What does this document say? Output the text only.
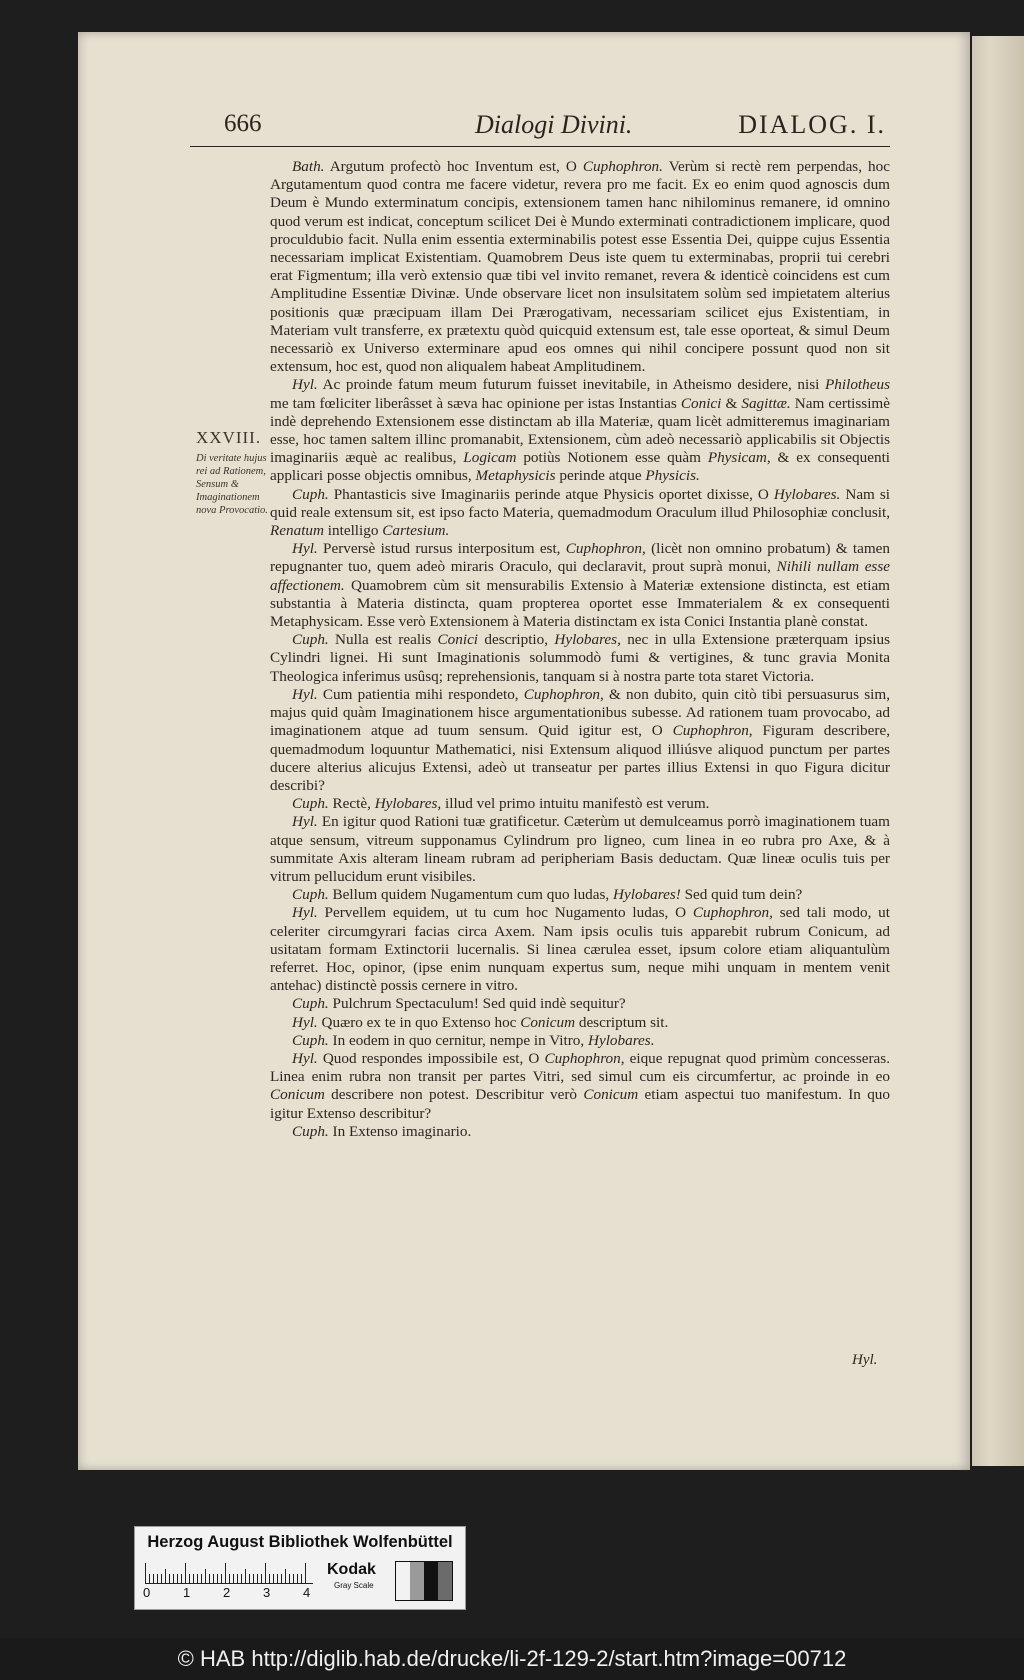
666	Dialogi Divini.	DIALOG. I.
XXVIII.
Di veritate hujus rei ad Rationem, Sensum & Imaginationem nova Provocatio.

Bath. Argutum profectò hoc Inventum est, O Cuphophron. Verùm si rectè rem perpendas, hoc Argutamentum quod contra me facere videtur, revera pro me facit. Ex eo enim quod agnoscis dum Deum è Mundo exterminatum concipis, extensionem tamen hanc nihilominus remanere, id omnino quod verum est indicat, conceptum scilicet Dei è Mundo exterminati contradictionem implicare, quod proculdubio facit. Nulla enim essentia exterminabilis potest esse Essentia Dei, quippe cujus Essentia necessariam implicat Existentiam. Quamobrem Deus iste quem tu exterminabas, proprii tui cerebri erat Figmentum; illa verò extensio quæ tibi vel invito remanet, revera & identicè coincidens est cum Amplitudine Essentiæ Divinæ. Unde observare licet non insulsitatem solùm sed impietatem alterius positionis quæ præcipuam illam Dei Prærogativam, necessariam scilicet ejus Existentiam, in Materiam vult transferre, ex prætextu quòd quicquid extensum est, tale esse oporteat, & simul Deum necessariò ex Universo exterminare apud eos omnes qui nihil concipere possunt quod non sit extensum, hoc est, quod non aliqualem habeat Amplitudinem.

Hyl. Ac proinde fatum meum futurum fuisset inevitabile, in Atheismo desidere, nisi Philotheus me tam fœliciter liberâsset à sæva hac opinione per istas Instantias Conici & Sagittæ. Nam certissimè indè deprehendo Extensionem esse distinctam ab illa Materiæ, quam licèt admitteremus imaginariam esse, hoc tamen saltem illinc promanabit, Extensionem, cùm adeò necessariò applicabilis sit Objectis imaginariis æquè ac realibus, Logicam potiùs Notionem esse quàm Physicam, & ex consequenti applicari posse objectis omnibus, Metaphysicis perinde atque Physicis.

Cuph. Phantasticis sive Imaginariis perinde atque Physicis oportet dixisse, O Hylobares. Nam si quid reale extensum sit, est ipso facto Materia, quemadmodum Oraculum illud Philosophiæ conclusit, Renatum intelligo Cartesium.

Hyl. Perversè istud rursus interpositum est, Cuphophron, (licèt non omnino probatum) & tamen repugnanter tuo, quem adeò miraris Oraculo, qui declaravit, prout suprà monui, Nihili nullam esse affectionem. Quamobrem cùm sit mensurabilis Extensio à Materiæ extensione distincta, est etiam substantia à Materia distincta, quam propterea oportet esse Immaterialem & ex consequenti Metaphysicam. Esse verò Extensionem à Materia distinctam ex ista Conici Instantia planè constat.

Cuph. Nulla est realis Conici descriptio, Hylobares, nec in ulla Extensione præterquam ipsius Cylindri lignei. Hi sunt Imaginationis solummodò fumi & vertigines, & tunc gravia Monita Theologica inferimus usûsq; reprehensionis, tanquam si à nostra parte tota staret Victoria.

Hyl. Cum patientia mihi respondeto, Cuphophron, & non dubito, quin citò tibi persuasurus sim, majus quid quàm Imaginationem hisce argumentationibus subesse. Ad rationem tuam provocabo, ad imaginationem atque ad tuum sensum. Quid igitur est, O Cuphophron, Figuram describere, quemadmodum loquuntur Mathematici, nisi Extensum aliquod illiúsve aliquod punctum per partes ducere alterius alicujus Extensi, adeò ut transeatur per partes illius Extensi in quo Figura dicitur describi?

Cuph. Rectè, Hylobares, illud vel primo intuitu manifestò est verum.

Hyl. En igitur quod Rationi tuæ gratificetur. Cæterùm ut demulceamus porrò imaginationem tuam atque sensum, vitreum supponamus Cylindrum pro ligneo, cum linea in eo rubra pro Axe, & à summitate Axis alteram lineam rubram ad peripheriam Basis deductam. Quæ lineæ oculis tuis per vitrum pellucidum erunt visibiles.

Cuph. Bellum quidem Nugamentum cum quo ludas, Hylobares! Sed quid tum dein?

Hyl. Pervellem equidem, ut tu cum hoc Nugamento ludas, O Cuphophron, sed tali modo, ut celeriter circumgyrari facias circa Axem. Nam ipsis oculis tuis apparebit rubrum Conicum, ad usitatam formam Extinctorii lucernalis. Si linea cærulea esset, ipsum colore etiam aliquantulùm referret. Hoc, opinor, (ipse enim nunquam expertus sum, neque mihi unquam in mentem venit antehac) distinctè possis cernere in vitro.

Cuph. Pulchrum Spectaculum! Sed quid indè sequitur?

Hyl. Quæro ex te in quo Extenso hoc Conicum descriptum sit.

Cuph. In eodem in quo cernitur, nempe in Vitro, Hylobares.

Hyl. Quod respondes impossibile est, O Cuphophron, eique repugnat quod primùm concesseras. Linea enim rubra non transit per partes Vitri, sed simul cum eis circumfertur, ac proinde in eo Conicum describere non potest. Describitur verò Conicum etiam aspectui tuo manifestum. In quo igitur Extenso describitur?

Cuph. In Extenso imaginario.

Hyl.
Herzog August Bibliothek Wolfenbüttel
0	1	2	3	4
Kodak
Gray Scale
© HAB http://diglib.hab.de/drucke/li-2f-129-2/start.htm?image=00712
